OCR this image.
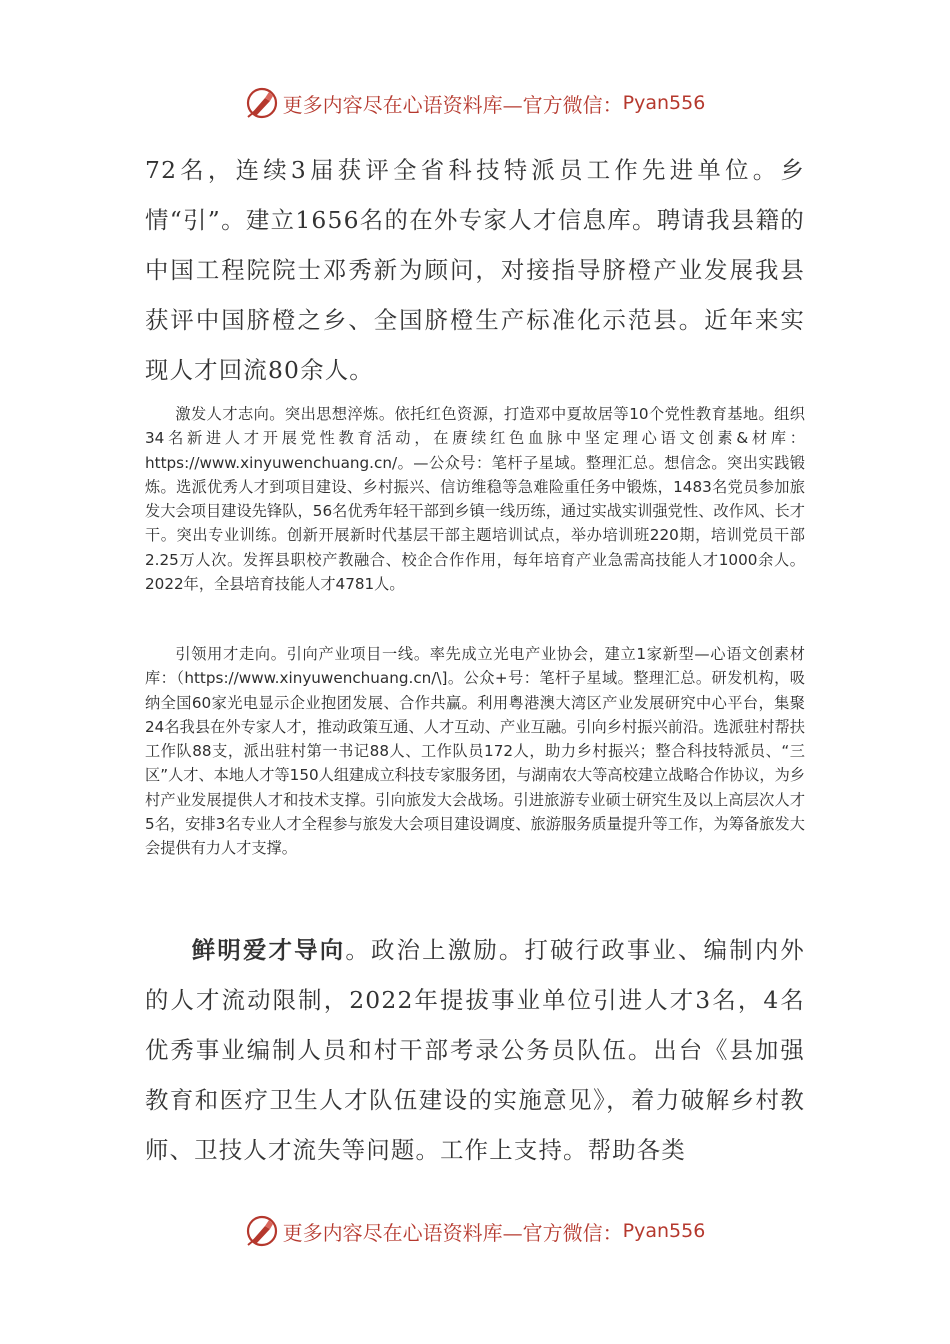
更多内容尽在心语资料库—官方微信： Pyan556
72名，连续3届获评全省科技特派员工作先进单位。乡情“引”。建立1656名的在外专家人才信息库。聘请我县籍的中国工程院院士邓秀新为顾问，对接指导脐橙产业发展我县获评中国脐橙之乡、全国脐橙生产标准化示范县。近年来实现人才回流80余人。
激发人才志向。突出思想淬炼。依托红色资源，打造邓中夏故居等10个党性教育基地。组织34名新进人才开展党性教育活动，在赓续红色血脉中坚定理心语文创素&材库：https://www.xinyuwenchuang.cn/。—公众号：笔杆子星域。整理汇总。想信念。突出实践锻炼。选派优秀人才到项目建设、乡村振兴、信访维稳等急难险重任务中锻炼，1483名党员参加旅发大会项目建设先锋队，56名优秀年轻干部到乡镇一线历练，通过实战实训强党性、改作风、长才干。突出专业训练。创新开展新时代基层干部主题培训试点，举办培训班220期，培训党员干部2.25万人次。发挥县职校产教融合、校企合作作用，每年培育产业急需高技能人才1000余人。2022年，全县培育技能人才4781人。
引领用才走向。引向产业项目一线。率先成立光电产业协会，建立1家新型—心语文创素材库：（https://www.xinyuwenchuang.cn/\]。公众+号：笔杆子星域。整理汇总。研发机构，吸纳全国60家光电显示企业抱团发展、合作共赢。利用粤港澳大湾区产业发展研究中心平台，集聚24名我县在外专家人才，推动政策互通、人才互动、产业互融。引向乡村振兴前沿。选派驻村帮扶工作队88支，派出驻村第一书记88人、工作队员172人，助力乡村振兴；整合科技特派员、“三区”人才、本地人才等150人组建成立科技专家服务团，与湖南农大等高校建立战略合作协议，为乡村产业发展提供人才和技术支撑。引向旅发大会战场。引进旅游专业硕士研究生及以上高层次人才5名，安排3名专业人才全程参与旅发大会项目建设调度、旅游服务质量提升等工作，为筹备旅发大会提供有力人才支撑。
鲜明爱才导向。政治上激励。打破行政事业、编制内外的人才流动限制，2022年提拔事业单位引进人才3名，4名优秀事业编制人员和村干部考录公务员队伍。出台《县加强教育和医疗卫生人才队伍建设的实施意见》，着力破解乡村教师、卫技人才流失等问题。工作上支持。帮助各类
更多内容尽在心语资料库—官方微信： Pyan556
